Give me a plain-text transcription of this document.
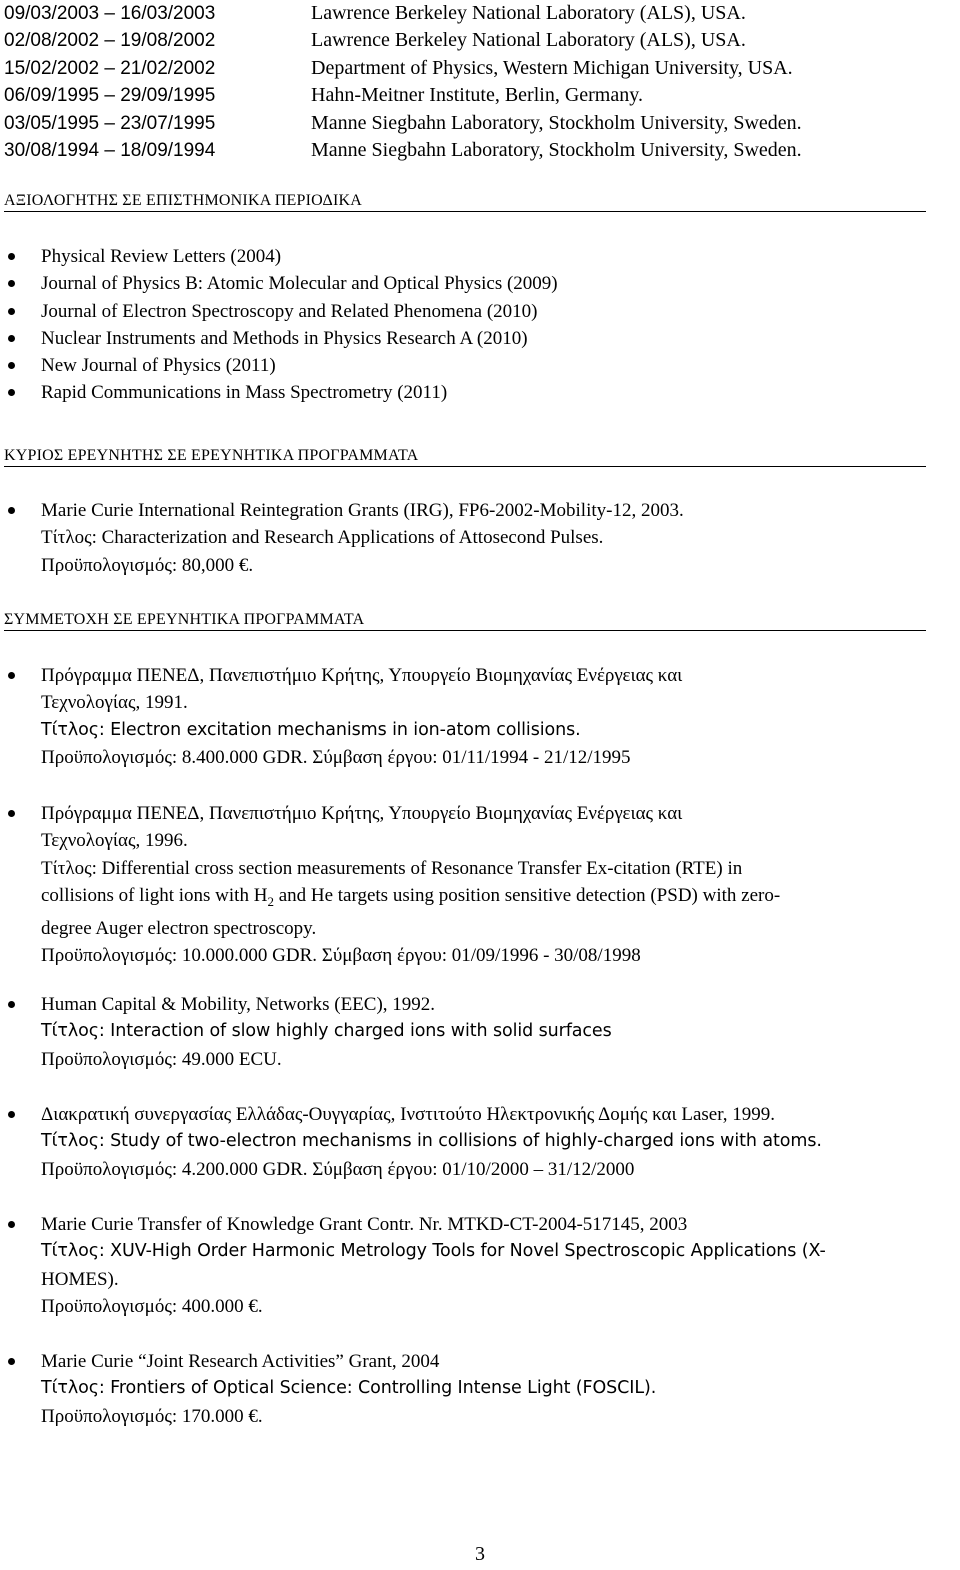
09/03/2003 – 16/03/2003	Lawrence Berkeley National Laboratory (ALS), USA.
02/08/2002 – 19/08/2002	Lawrence Berkeley National Laboratory (ALS), USA.
15/02/2002 – 21/02/2002	Department of Physics, Western Michigan University, USA.
06/09/1995 – 29/09/1995	Hahn-Meitner Institute, Berlin, Germany.
03/05/1995 – 23/07/1995	Manne Siegbahn Laboratory, Stockholm University, Sweden.
30/08/1994 – 18/09/1994	Manne Siegbahn Laboratory, Stockholm University, Sweden.
ΑΞΙΟΛΟΓΗΤΗΣ ΣΕ ΕΠΙΣΤΗΜΟΝΙΚΑ ΠΕΡΙΟΔΙΚΑ
Physical Review Letters (2004)
Journal of Physics B: Atomic Molecular and Optical Physics (2009)
Journal of Electron Spectroscopy and Related Phenomena (2010)
Nuclear Instruments and Methods in Physics Research A (2010)
New Journal of Physics (2011)
Rapid Communications in Mass Spectrometry (2011)
ΚΥΡΙΟΣ ΕΡΕΥΝΗΤΗΣ ΣΕ ΕΡΕΥΝΗΤΙΚΑ ΠΡΟΓΡΑΜΜΑΤΑ
Marie Curie International Reintegration Grants (IRG), FP6-2002-Mobility-12, 2003.
Τίτλος: Characterization and Research Applications of Attosecond Pulses.
Προϋπολογισμός: 80,000 €.
ΣΥΜΜΕΤΟΧΗ ΣΕ ΕΡΕΥΝΗΤΙΚΑ ΠΡΟΓΡΑΜΜΑΤΑ
Πρόγραμμα ΠΕΝΕΔ, Πανεπιστήμιο Κρήτης, Υπουργείο Βιομηχανίας Ενέργειας και
Τεχνολογίας, 1991.
Τίτλος: Electron excitation mechanisms in ion-atom collisions.
Προϋπολογισμός: 8.400.000 GDR. Σύμβαση έργου: 01/11/1994 - 21/12/1995
Πρόγραμμα ΠΕΝΕΔ, Πανεπιστήμιο Κρήτης, Υπουργείο Βιομηχανίας Ενέργειας και
Τεχνολογίας, 1996.
Τίτλος: Differential cross section measurements of Resonance Transfer Ex-citation (RTE) in
collisions of light ions with $H_2$ and He targets using position sensitive detection (PSD) with zero-
degree Auger electron spectroscopy.
Προϋπολογισμός: 10.000.000 GDR. Σύμβαση έργου: 01/09/1996 - 30/08/1998
Human Capital & Mobility, Networks (EEC), 1992.
Τίτλος: Interaction of slow highly charged ions with solid surfaces
Προϋπολογισμός: 49.000 ECU.
Διακρατική συνεργασίας Ελλάδας-Ουγγαρίας, Ινστιτούτο Ηλεκτρονικής Δομής και Laser, 1999.
Τίτλος: Study of two-electron mechanisms in collisions of highly-charged ions with atoms.
Προϋπολογισμός: 4.200.000 GDR. Σύμβαση έργου: 01/10/2000 – 31/12/2000
Marie Curie Transfer of Knowledge Grant Contr. Nr. MTKD-CT-2004-517145, 2003
Τίτλος: XUV-High Order Harmonic Metrology Tools for Novel Spectroscopic Applications (X-
HOMES).
Προϋπολογισμός: 400.000 €.
Marie Curie “Joint Research Activities” Grant, 2004
Τίτλος: Frontiers of Optical Science: Controlling Intense Light (FOSCIL).
Προϋπολογισμός: 170.000 €.
3
